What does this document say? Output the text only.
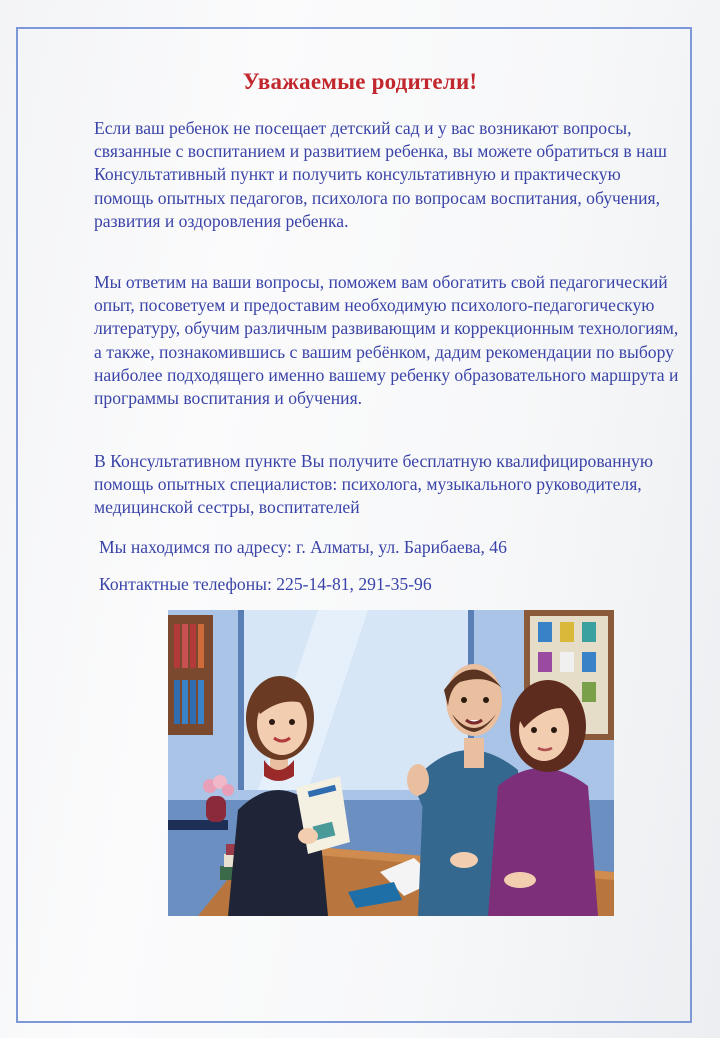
Уважаемые родители!

Если ваш ребенок не посещает детский сад и у вас возникают вопросы, связанные с воспитанием и развитием ребенка, вы можете обратиться в наш Консультативный пункт и получить консультативную и практическую помощь опытных педагогов, психолога по вопросам воспитания, обучения, развития и оздоровления ребенка.

Мы ответим на ваши вопросы, поможем вам обогатить свой педагогический опыт, посоветуем и предоставим необходимую психолого-педагогическую литературу, обучим различным развивающим и коррекционным технологиям, а также, познакомившись с вашим ребёнком, дадим рекомендации по выбору наиболее подходящего именно вашему ребенку образовательного маршрута и программы воспитания и обучения.

В Консультативном пункте Вы получите бесплатную квалифицированную помощь опытных специалистов: психолога, музыкального руководителя, медицинской сестры, воспитателей

Мы находимся по адресу: г. Алматы, ул. Барибаева, 46

Контактные телефоны: 225-14-81, 291-35-96
